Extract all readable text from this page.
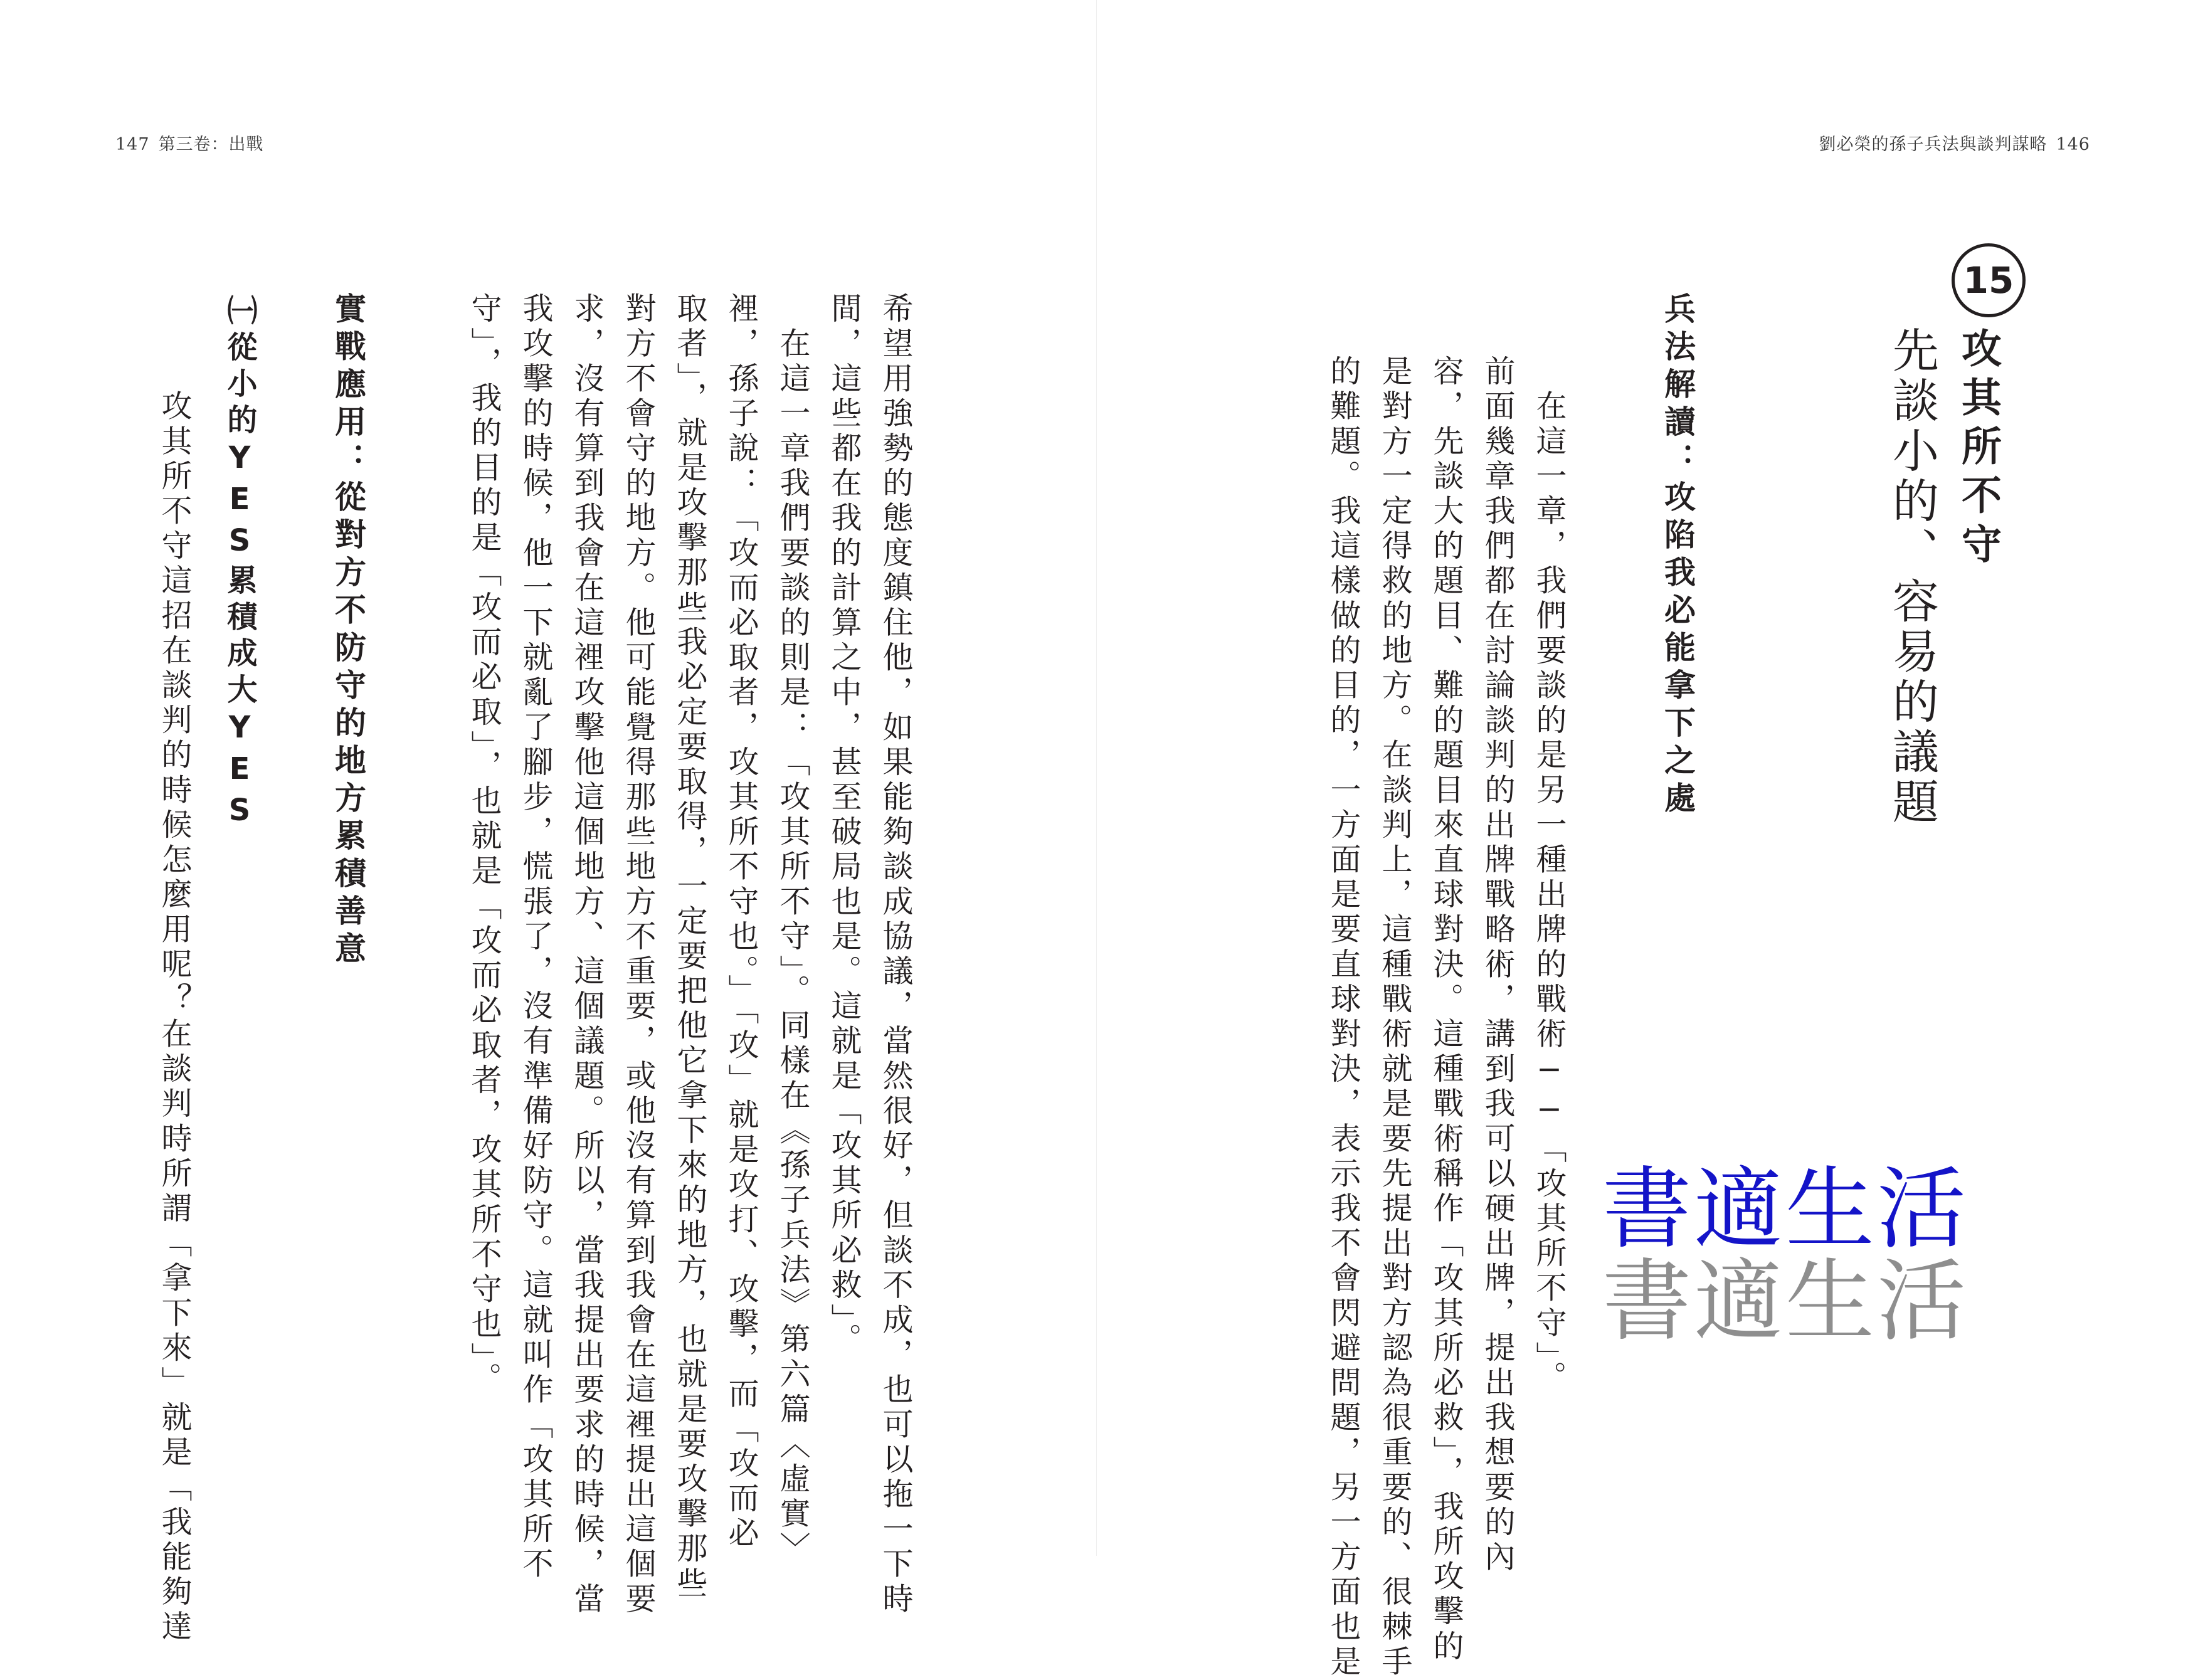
147 第三卷：出戰	劉必榮的孫子兵法與談判謀略 146
15
攻其所不守
先談小的、容易的議題
兵法解讀：攻陷我必能拿下之處
　在這一章，我們要談的是另一種出牌的戰術──「攻其所不守」。
前面幾章我們都在討論談判的出牌戰略術，講到我可以硬出牌，提出我想要的內
容，先談大的題目、難的題目來直球對決。這種戰術稱作「攻其所必救」，我所攻擊的
是對方一定得救的地方。在談判上，這種戰術就是要先提出對方認為很重要的、很棘手
的難題。我這樣做的目的，一方面是要直球對決，表示我不會閃避問題，另一方面也是	書適生活
書適生活
希望用強勢的態度鎮住他，如果能夠談成協議，當然很好，但談不成，也可以拖一下時
間，這些都在我的計算之中，甚至破局也是。這就是「攻其所必救」。
　在這一章我們要談的則是：「攻其所不守」。同樣在《孫子兵法》第六篇〈虛實〉
裡，孫子說：「攻而必取者，攻其所不守也。」「攻」就是攻打、攻擊，而「攻而必
取者」，就是攻擊那些我必定要取得，一定要把他它拿下來的地方，也就是要攻擊那些
對方不會守的地方。他可能覺得那些地方不重要，或他沒有算到我會在這裡提出這個要
求，沒有算到我會在這裡攻擊他這個地方、這個議題。所以，當我提出要求的時候，當
我攻擊的時候，他一下就亂了腳步，慌張了，沒有準備好防守。這就叫作「攻其所不
守」，我的目的是「攻而必取」，也就是「攻而必取者，攻其所不守也」。
實戰應用：從對方不防守的地方累積善意
㈠從小的YES累積成大YES
　攻其所不守這招在談判的時候怎麼用呢？在談判時所謂「拿下來」就是「我能夠達
